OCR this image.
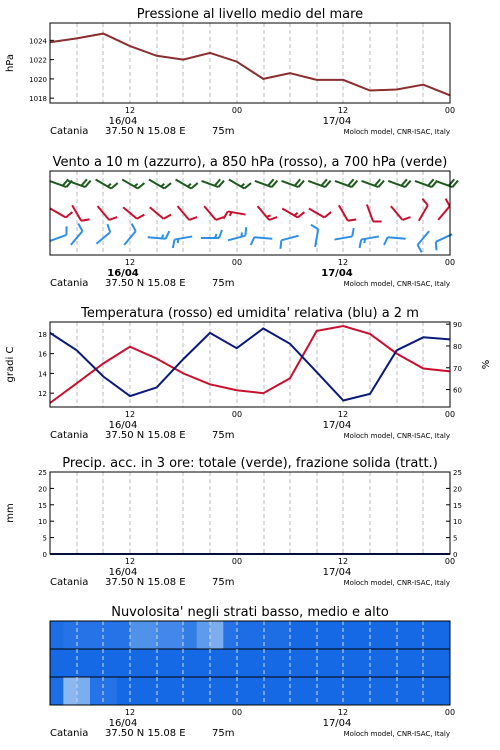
Pressione al livello medio del mare
1018
1020
1022
1024
hPa
12	00	12	00
16/04	17/04
Catania 37.50 N 15.08 E	75m	Moloch model, CNR-ISAC, Italy
Vento a 10 m (azzurro), a 850 hPa (rosso), a 700 hPa (verde)
12	00	12	00
16/04	17/04
Catania 37.50 N 15.08 E	75m	Moloch model, CNR-ISAC, Italy
Temperatura (rosso) ed umidita' relativa (blu) a 2 m
12
14
16
18
60
70
80
90
gradi C	%
12	00	12	00
16/04	17/04
Catania 37.50 N 15.08 E	75m	Moloch model, CNR-ISAC, Italy
Precip. acc. in 3 ore: totale (verde), frazione solida (tratt.)
0
5
10
15
20
25
0
5
10
15
20
25
mm
12	00	12	00
16/04	17/04
Catania 37.50 N 15.08 E	75m	Moloch model, CNR-ISAC, Italy
Nuvolosita' negli strati basso, medio e alto
12	00	12	00
16/04	17/04
Catania 37.50 N 15.08 E	75m	Moloch model, CNR-ISAC, Italy
